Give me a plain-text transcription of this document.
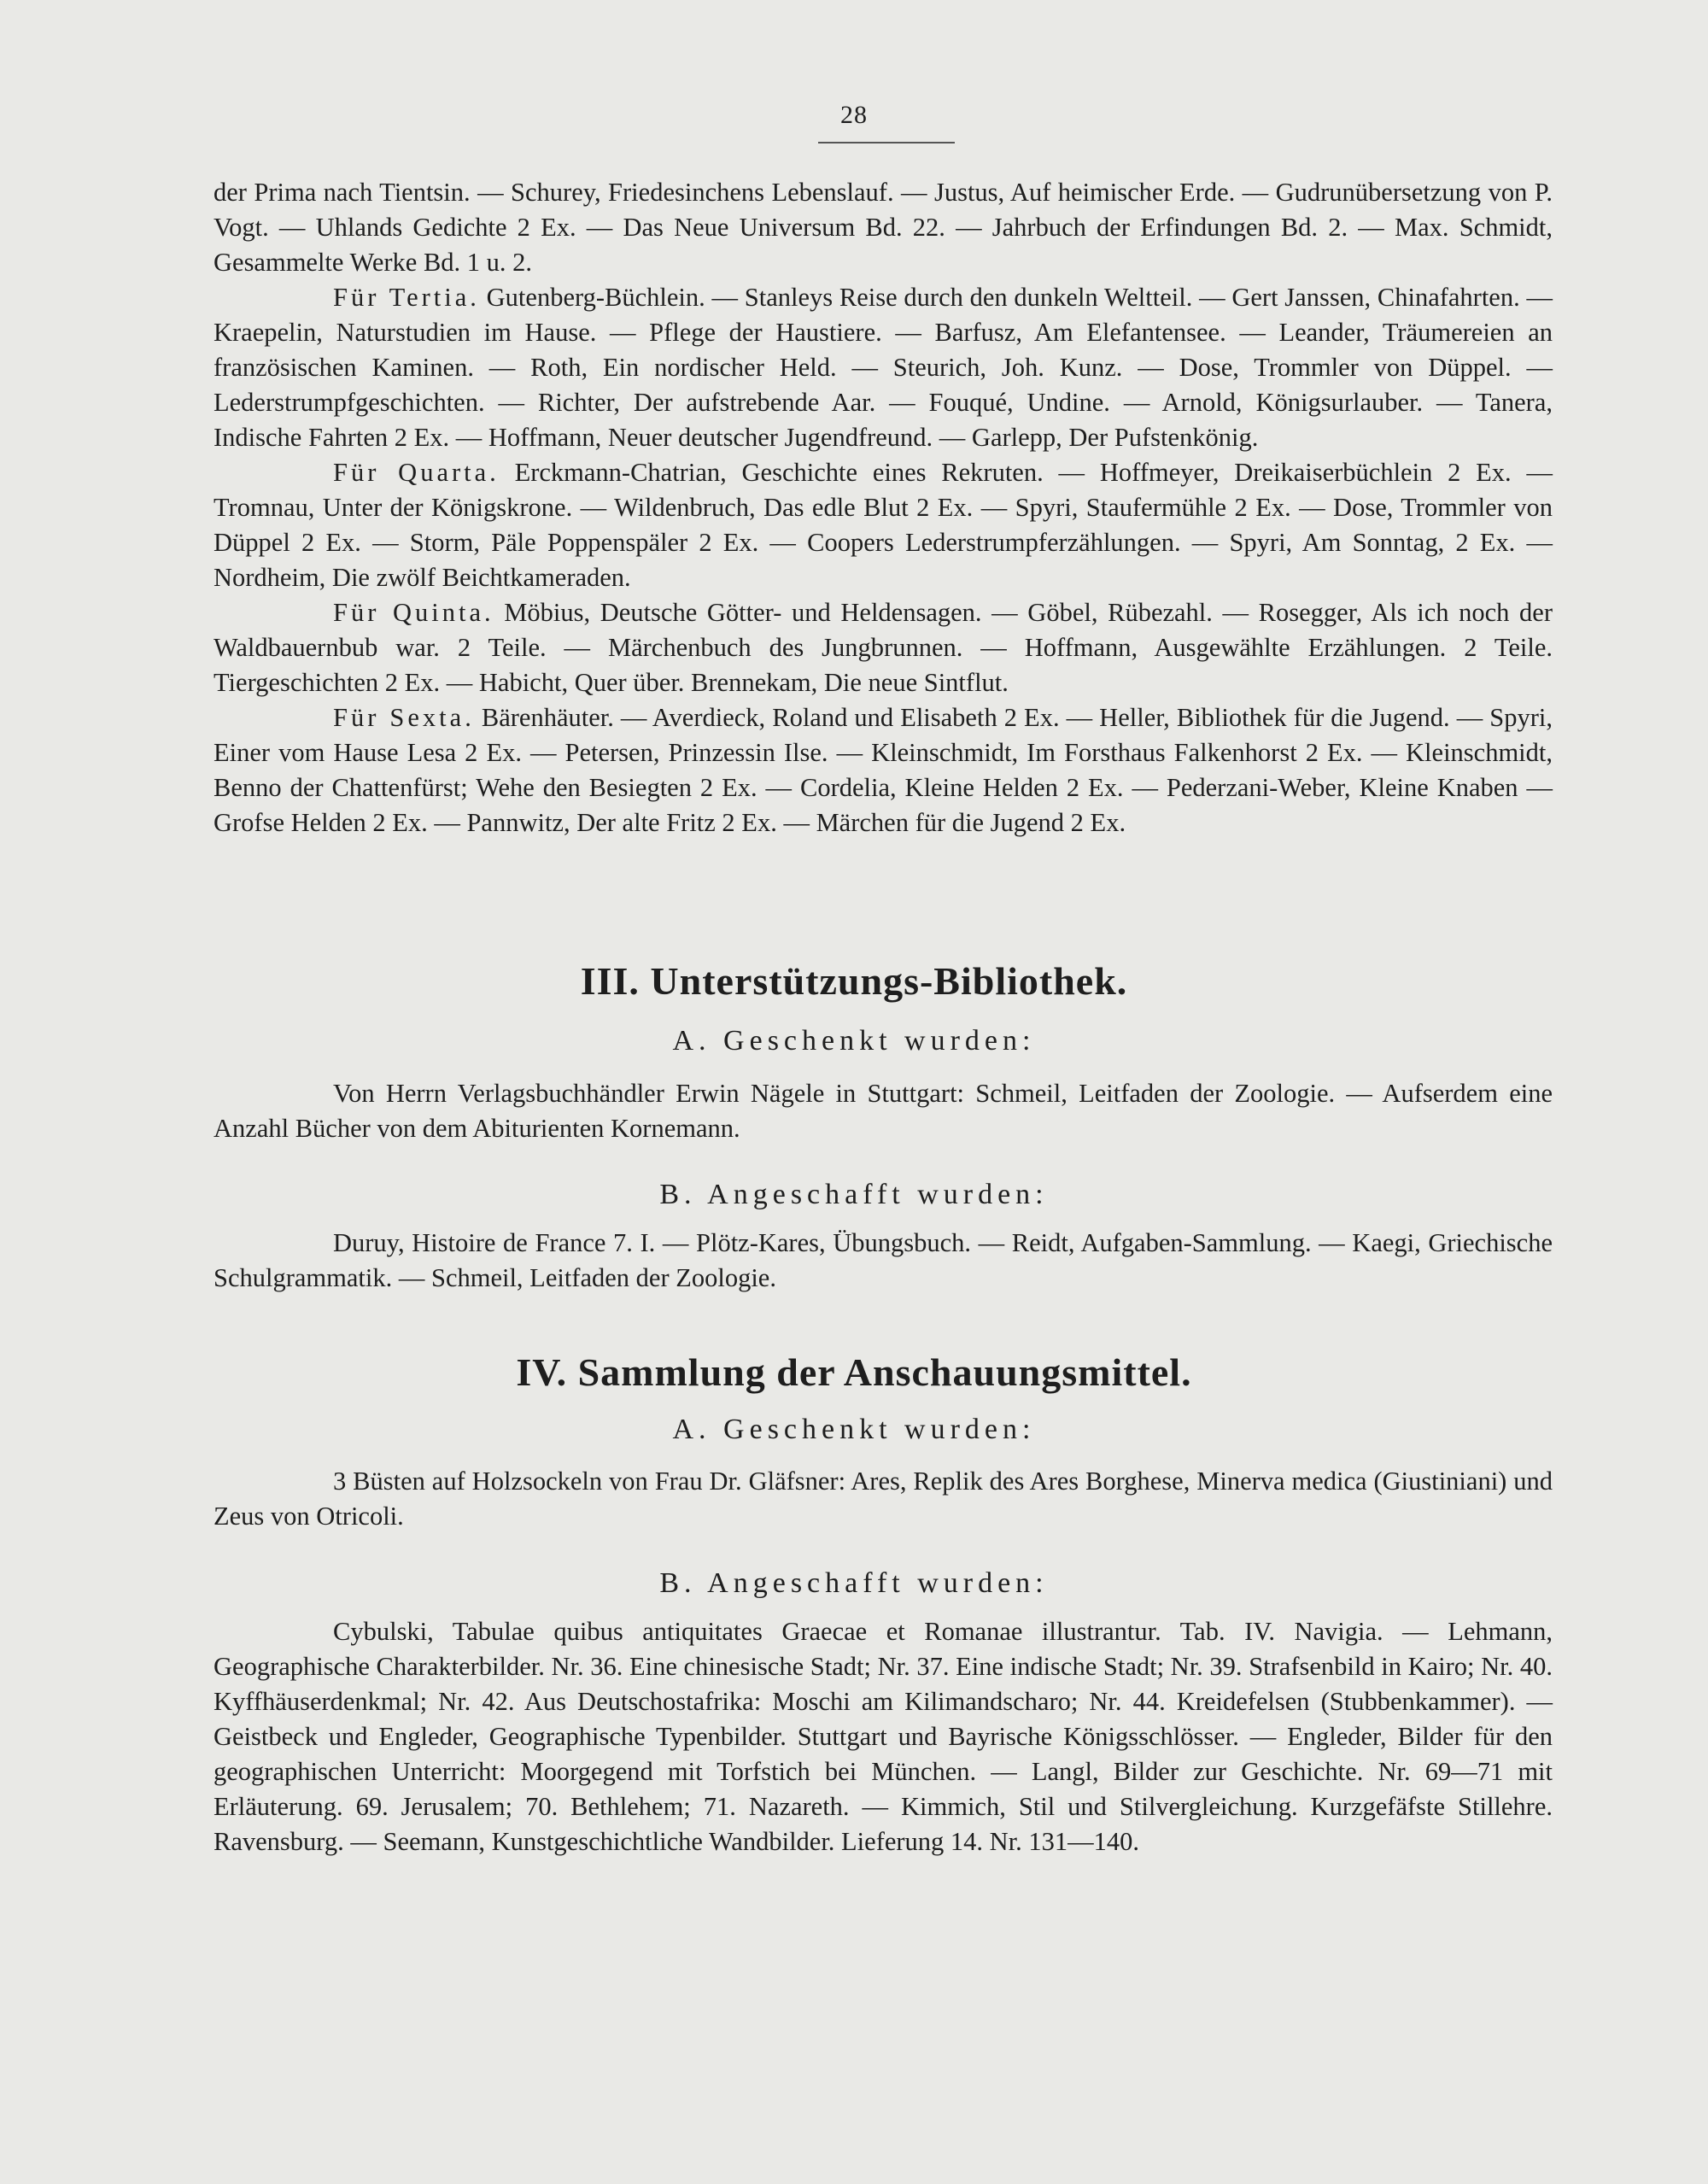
28

der Prima nach Tientsin. — Schurey, Friedesinchens Lebenslauf. — Justus, Auf heimischer Erde. — Gudrunübersetzung von P. Vogt. — Uhlands Gedichte 2 Ex. — Das Neue Universum Bd. 22. — Jahrbuch der Erfindungen Bd. 2. — Max. Schmidt, Gesammelte Werke Bd. 1 u. 2.

Für Tertia. Gutenberg-Büchlein. — Stanleys Reise durch den dunkeln Weltteil. — Gert Janssen, Chinafahrten. — Kraepelin, Naturstudien im Hause. — Pflege der Haustiere. — Barfusz, Am Elefantensee. — Leander, Träumereien an französischen Kaminen. — Roth, Ein nordischer Held. — Steurich, Joh. Kunz. — Dose, Trommler von Düppel. — Lederstrumpfgeschichten. — Richter, Der aufstrebende Aar. — Fouqué, Undine. — Arnold, Königsurlauber. — Tanera, Indische Fahrten 2 Ex. — Hoffmann, Neuer deutscher Jugendfreund. — Garlepp, Der Pufstenkönig.

Für Quarta. Erckmann-Chatrian, Geschichte eines Rekruten. — Hoffmeyer, Dreikaiserbüchlein 2 Ex. — Tromnau, Unter der Königskrone. — Wildenbruch, Das edle Blut 2 Ex. — Spyri, Staufermühle 2 Ex. — Dose, Trommler von Düppel 2 Ex. — Storm, Päle Poppenspäler 2 Ex. — Coopers Lederstrumpferzählungen. — Spyri, Am Sonntag, 2 Ex. — Nordheim, Die zwölf Beichtkameraden.

Für Quinta. Möbius, Deutsche Götter- und Heldensagen. — Göbel, Rübezahl. — Rosegger, Als ich noch der Waldbauernbub war. 2 Teile. — Märchenbuch des Jungbrunnen. — Hoffmann, Ausgewählte Erzählungen. 2 Teile. Tiergeschichten 2 Ex. — Habicht, Quer über. Brennekam, Die neue Sintflut.

Für Sexta. Bärenhäuter. — Averdieck, Roland und Elisabeth 2 Ex. — Heller, Bibliothek für die Jugend. — Spyri, Einer vom Hause Lesa 2 Ex. — Petersen, Prinzessin Ilse. — Kleinschmidt, Im Forsthaus Falkenhorst 2 Ex. — Kleinschmidt, Benno der Chattenfürst; Wehe den Besiegten 2 Ex. — Cordelia, Kleine Helden 2 Ex. — Pederzani-Weber, Kleine Knaben — Grofse Helden 2 Ex. — Pannwitz, Der alte Fritz 2 Ex. — Märchen für die Jugend 2 Ex.

III. Unterstützungs-Bibliothek.
A. Geschenkt wurden:

Von Herrn Verlagsbuchhändler Erwin Nägele in Stuttgart: Schmeil, Leitfaden der Zoologie. — Aufserdem eine Anzahl Bücher von dem Abiturienten Kornemann.

B. Angeschafft wurden:

Duruy, Histoire de France 7. I. — Plötz-Kares, Übungsbuch. — Reidt, Aufgaben-Sammlung. — Kaegi, Griechische Schulgrammatik. — Schmeil, Leitfaden der Zoologie.

IV. Sammlung der Anschauungsmittel.
A. Geschenkt wurden:

3 Büsten auf Holzsockeln von Frau Dr. Gläfsner: Ares, Replik des Ares Borghese, Minerva medica (Giustiniani) und Zeus von Otricoli.

B. Angeschafft wurden:

Cybulski, Tabulae quibus antiquitates Graecae et Romanae illustrantur. Tab. IV. Navigia. — Lehmann, Geographische Charakterbilder. Nr. 36. Eine chinesische Stadt; Nr. 37. Eine indische Stadt; Nr. 39. Strafsenbild in Kairo; Nr. 40. Kyffhäuserdenkmal; Nr. 42. Aus Deutschostafrika: Moschi am Kilimandscharo; Nr. 44. Kreidefelsen (Stubbenkammer). — Geistbeck und Engleder, Geographische Typenbilder. Stuttgart und Bayrische Königsschlösser. — Engleder, Bilder für den geographischen Unterricht: Moorgegend mit Torfstich bei München. — Langl, Bilder zur Geschichte. Nr. 69—71 mit Erläuterung. 69. Jerusalem; 70. Bethlehem; 71. Nazareth. — Kimmich, Stil und Stilvergleichung. Kurzgefäfste Stillehre. Ravensburg. — Seemann, Kunstgeschichtliche Wandbilder. Lieferung 14. Nr. 131—140.
